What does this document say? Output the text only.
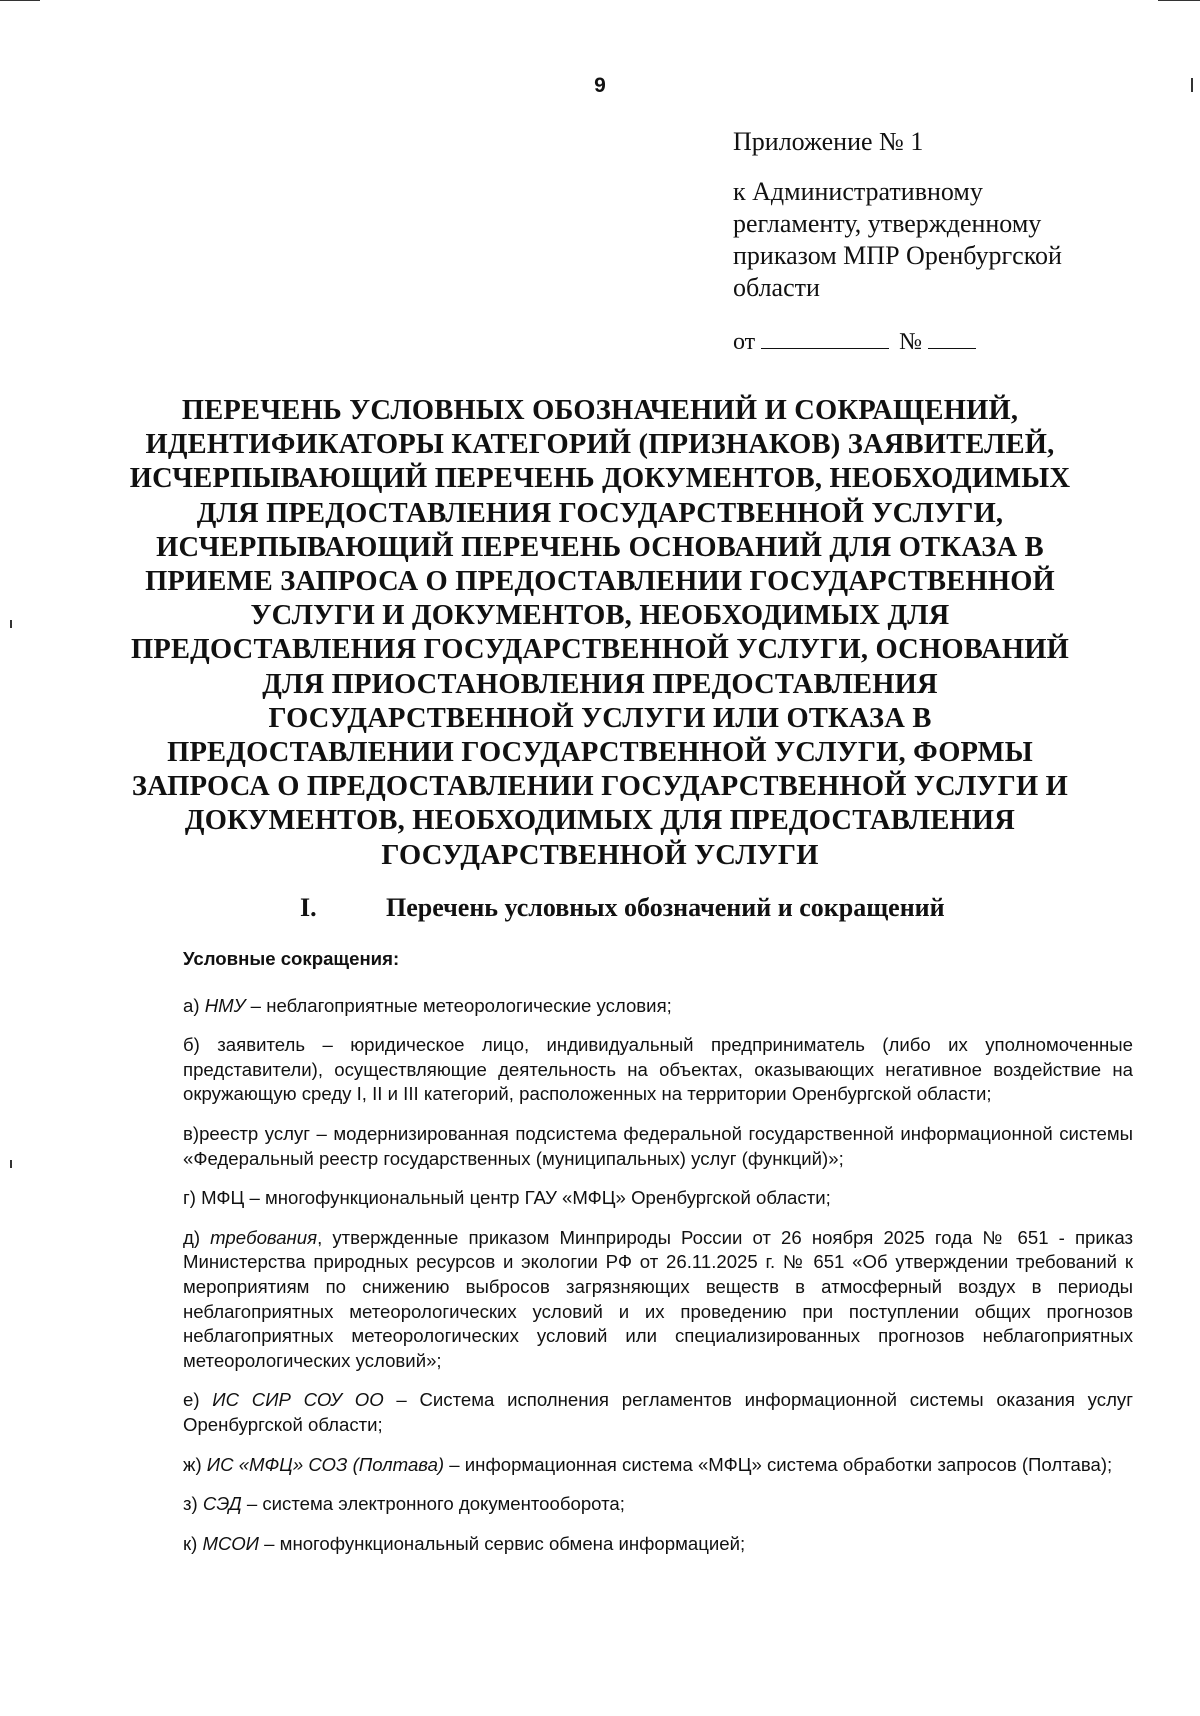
9

Приложение № 1

к Административному регламенту, утвержденному приказом МПР Оренбургской области

от	№
ПЕРЕЧЕНЬ УСЛОВНЫХ ОБОЗНАЧЕНИЙ И СОКРАЩЕНИЙ,
ИДЕНТИФИКАТОРЫ КАТЕГОРИЙ (ПРИЗНАКОВ) ЗАЯВИТЕЛЕЙ,
ИСЧЕРПЫВАЮЩИЙ ПЕРЕЧЕНЬ ДОКУМЕНТОВ, НЕОБХОДИМЫХ
ДЛЯ ПРЕДОСТАВЛЕНИЯ ГОСУДАРСТВЕННОЙ УСЛУГИ,
ИСЧЕРПЫВАЮЩИЙ ПЕРЕЧЕНЬ ОСНОВАНИЙ ДЛЯ ОТКАЗА В
ПРИЕМЕ ЗАПРОСА О ПРЕДОСТАВЛЕНИИ ГОСУДАРСТВЕННОЙ
УСЛУГИ И ДОКУМЕНТОВ, НЕОБХОДИМЫХ ДЛЯ
ПРЕДОСТАВЛЕНИЯ ГОСУДАРСТВЕННОЙ УСЛУГИ, ОСНОВАНИЙ
ДЛЯ ПРИОСТАНОВЛЕНИЯ ПРЕДОСТАВЛЕНИЯ
ГОСУДАРСТВЕННОЙ УСЛУГИ ИЛИ ОТКАЗА В
ПРЕДОСТАВЛЕНИИ ГОСУДАРСТВЕННОЙ УСЛУГИ, ФОРМЫ
ЗАПРОСА О ПРЕДОСТАВЛЕНИИ ГОСУДАРСТВЕННОЙ УСЛУГИ И
ДОКУМЕНТОВ, НЕОБХОДИМЫХ ДЛЯ ПРЕДОСТАВЛЕНИЯ
ГОСУДАРСТВЕННОЙ УСЛУГИ
I.	Перечень условных обозначений и сокращений

Условные сокращения:

а) НМУ – неблагоприятные метеорологические условия;

б) заявитель – юридическое лицо, индивидуальный предприниматель (либо их уполномоченные представители), осуществляющие деятельность на объектах, оказывающих негативное воздействие на окружающую среду I, II и III категорий, расположенных на территории Оренбургской области;

в)реестр услуг – модернизированная подсистема федеральной государственной информационной системы «Федеральный реестр государственных (муниципальных) услуг (функций)»;

г) МФЦ – многофункциональный центр ГАУ «МФЦ» Оренбургской области;

д) требования, утвержденные приказом Минприроды России от 26 ноября 2025 года № 651 - приказ Министерства природных ресурсов и экологии РФ от 26.11.2025 г. № 651 «Об утверждении требований к мероприятиям по снижению выбросов загрязняющих веществ в атмосферный воздух в периоды неблагоприятных метеорологических условий и их проведению при поступлении общих прогнозов неблагоприятных метеорологических условий или специализированных прогнозов неблагоприятных метеорологических условий»;

е) ИС СИР СОУ ОО – Система исполнения регламентов информационной системы оказания услуг Оренбургской области;

ж) ИС «МФЦ» СОЗ (Полтава) – информационная система «МФЦ» система обработки запросов (Полтава);

з) СЭД – система электронного документооборота;

к) МСОИ – многофункциональный сервис обмена информацией;
